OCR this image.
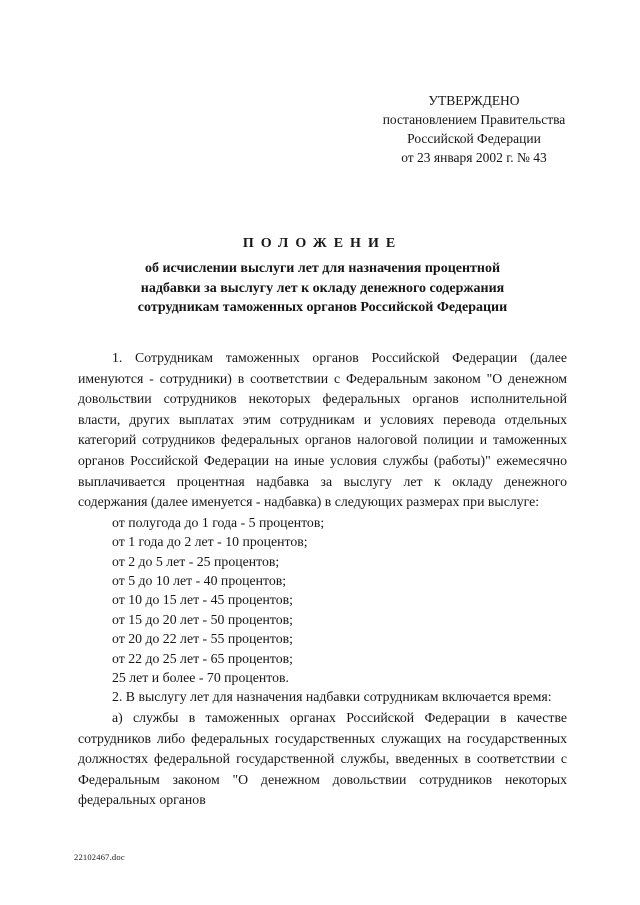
УТВЕРЖДЕНО
постановлением Правительства
Российской Федерации
от 23 января 2002 г. № 43
ПОЛОЖЕНИЕ
об исчислении выслуги лет для назначения процентной
надбавки за выслугу лет к окладу денежного содержания
сотрудникам таможенных органов Российской Федерации

1. Сотрудникам таможенных органов Российской Федерации (далее именуются - сотрудники) в соответствии с Федеральным законом "О денежном довольствии сотрудников некоторых федеральных органов исполнительной власти, других выплатах этим сотрудникам и условиях перевода отдельных категорий сотрудников федеральных органов налоговой полиции и таможенных органов Российской Федерации на иные условия службы (работы)" ежемесячно выплачивается процентная надбавка за выслугу лет к окладу денежного содержания (далее именуется - надбавка) в следующих размерах при выслуге:

от полугода до 1 года - 5 процентов;
от 1 года до 2 лет - 10 процентов;
от 2 до 5 лет - 25 процентов;
от 5 до 10 лет - 40 процентов;
от 10 до 15 лет - 45 процентов;
от 15 до 20 лет - 50 процентов;
от 20 до 22 лет - 55 процентов;
от 22 до 25 лет - 65 процентов;
25 лет и более - 70 процентов.

2. В выслугу лет для назначения надбавки сотрудникам включается время:

а) службы в таможенных органах Российской Федерации в качестве сотрудников либо федеральных государственных служащих на государственных должностях федеральной государственной службы, введенных в соответствии с Федеральным законом "О денежном довольствии сотрудников некоторых федеральных органов

22102467.doc
